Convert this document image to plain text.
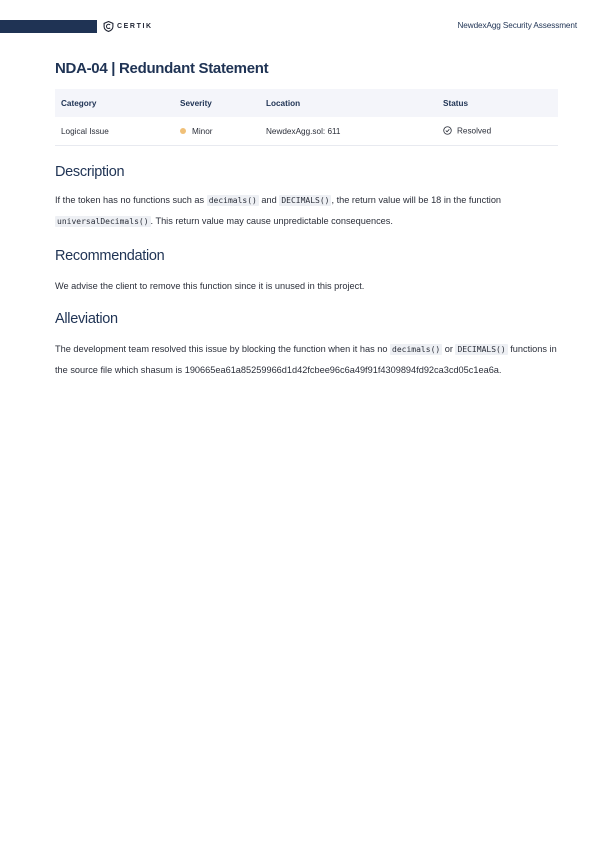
CERTIK	NewdexAgg Security Assessment
NDA-04 | Redundant Statement
Category	Severity	Location	Status
Logical Issue	Minor	NewdexAgg.sol: 611	Resolved
Description

If the token has no functions such as decimals() and DECIMALS() , the return value will be 18 in the function universalDecimals() . This return value may cause unpredictable consequences.

Recommendation

We advise the client to remove this function since it is unused in this project.

Alleviation

The development team resolved this issue by blocking the function when it has no decimals() or DECIMALS() functions in the source file which shasum is 190665ea61a85259966d1d42fcbee96c6a49f91f4309894fd92ca3cd05c1ea6a.
